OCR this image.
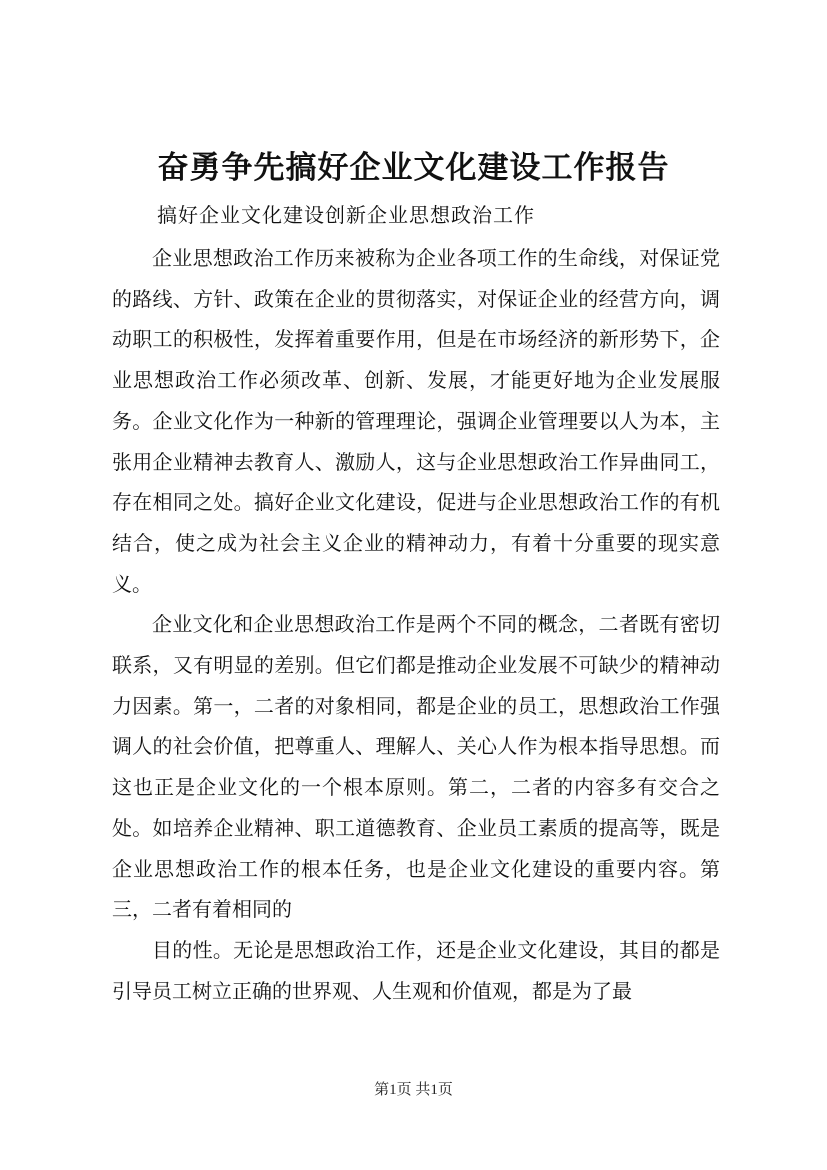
奋勇争先搞好企业文化建设工作报告
搞好企业文化建设创新企业思想政治工作

企业思想政治工作历来被称为企业各项工作的生命线，对保证党的路线、方针、政策在企业的贯彻落实，对保证企业的经营方向，调动职工的积极性，发挥着重要作用，但是在市场经济的新形势下，企业思想政治工作必须改革、创新、发展，才能更好地为企业发展服务。企业文化作为一种新的管理理论，强调企业管理要以人为本，主张用企业精神去教育人、激励人，这与企业思想政治工作异曲同工，存在相同之处。搞好企业文化建设，促进与企业思想政治工作的有机结合，使之成为社会主义企业的精神动力，有着十分重要的现实意义。

企业文化和企业思想政治工作是两个不同的概念，二者既有密切联系，又有明显的差别。但它们都是推动企业发展不可缺少的精神动力因素。第一，二者的对象相同，都是企业的员工，思想政治工作强调人的社会价值，把尊重人、理解人、关心人作为根本指导思想。而这也正是企业文化的一个根本原则。第二，二者的内容多有交合之处。如培养企业精神、职工道德教育、企业员工素质的提高等，既是企业思想政治工作的根本任务，也是企业文化建设的重要内容。第三，二者有着相同的

目的性。无论是思想政治工作，还是企业文化建设，其目的都是引导员工树立正确的世界观、人生观和价值观，都是为了最

第1页 共1页
